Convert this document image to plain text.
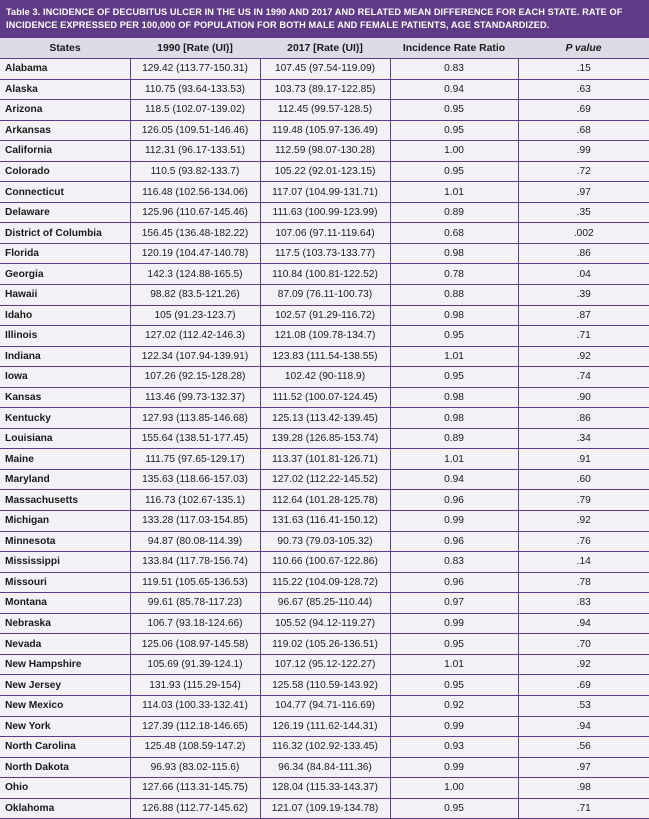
Table 3. INCIDENCE OF DECUBITUS ULCER IN THE US IN 1990 AND 2017 AND RELATED MEAN DIFFERENCE FOR EACH STATE. RATE OF INCIDENCE EXPRESSED PER 100,000 OF POPULATION FOR BOTH MALE AND FEMALE PATIENTS, AGE STANDARDIZED.
States	1990 [Rate (UI)]	2017 [Rate (UI)]	Incidence Rate Ratio	P value
Alabama	129.42 (113.77-150.31)	107.45 (97.54-119.09)	0.83	.15
Alaska	110.75 (93.64-133.53)	103.73 (89.17-122.85)	0.94	.63
Arizona	118.5 (102.07-139.02)	112.45 (99.57-128.5)	0.95	.69
Arkansas	126.05 (109.51-146.46)	119.48 (105.97-136.49)	0.95	.68
California	112.31 (96.17-133.51)	112.59 (98.07-130.28)	1.00	.99
Colorado	110.5 (93.82-133.7)	105.22 (92.01-123.15)	0.95	.72
Connecticut	116.48 (102.56-134.06)	117.07 (104.99-131.71)	1.01	.97
Delaware	125.96 (110.67-145.46)	111.63 (100.99-123.99)	0.89	.35
District of Columbia	156.45 (136.48-182.22)	107.06 (97.11-119.64)	0.68	.002
Florida	120.19 (104.47-140.78)	117.5 (103.73-133.77)	0.98	.86
Georgia	142.3 (124.88-165.5)	110.84 (100.81-122.52)	0.78	.04
Hawaii	98.82 (83.5-121.26)	87.09 (76.11-100.73)	0.88	.39
Idaho	105 (91.23-123.7)	102.57 (91.29-116.72)	0.98	.87
Illinois	127.02 (112.42-146.3)	121.08 (109.78-134.7)	0.95	.71
Indiana	122.34 (107.94-139.91)	123.83 (111.54-138.55)	1.01	.92
Iowa	107.26 (92.15-128.28)	102.42 (90-118.9)	0.95	.74
Kansas	113.46 (99.73-132.37)	111.52 (100.07-124.45)	0.98	.90
Kentucky	127.93 (113.85-146.68)	125.13 (113.42-139.45)	0.98	.86
Louisiana	155.64 (138.51-177.45)	139.28 (126.85-153.74)	0.89	.34
Maine	111.75 (97.65-129.17)	113.37 (101.81-126.71)	1.01	.91
Maryland	135.63 (118.66-157.03)	127.02 (112.22-145.52)	0.94	.60
Massachusetts	116.73 (102.67-135.1)	112.64 (101.28-125.78)	0.96	.79
Michigan	133.28 (117.03-154.85)	131.63 (116.41-150.12)	0.99	.92
Minnesota	94.87 (80.08-114.39)	90.73 (79.03-105.32)	0.96	.76
Mississippi	133.84 (117.78-156.74)	110.66 (100.67-122.86)	0.83	.14
Missouri	119.51 (105.65-136.53)	115.22 (104.09-128.72)	0.96	.78
Montana	99.61 (85.78-117.23)	96.67 (85.25-110.44)	0.97	.83
Nebraska	106.7 (93.18-124.66)	105.52 (94.12-119.27)	0.99	.94
Nevada	125.06 (108.97-145.58)	119.02 (105.26-136.51)	0.95	.70
New Hampshire	105.69 (91.39-124.1)	107.12 (95.12-122.27)	1.01	.92
New Jersey	131.93 (115.29-154)	125.58 (110.59-143.92)	0.95	.69
New Mexico	114.03 (100.33-132.41)	104.77 (94.71-116.69)	0.92	.53
New York	127.39 (112.18-146.65)	126.19 (111.62-144.31)	0.99	.94
North Carolina	125.48 (108.59-147.2)	116.32 (102.92-133.45)	0.93	.56
North Dakota	96.93 (83.02-115.6)	96.34 (84.84-111.36)	0.99	.97
Ohio	127.66 (113.31-145.75)	128.04 (115.33-143.37)	1.00	.98
Oklahoma	126.88 (112.77-145.62)	121.07 (109.19-134.78)	0.95	.71
